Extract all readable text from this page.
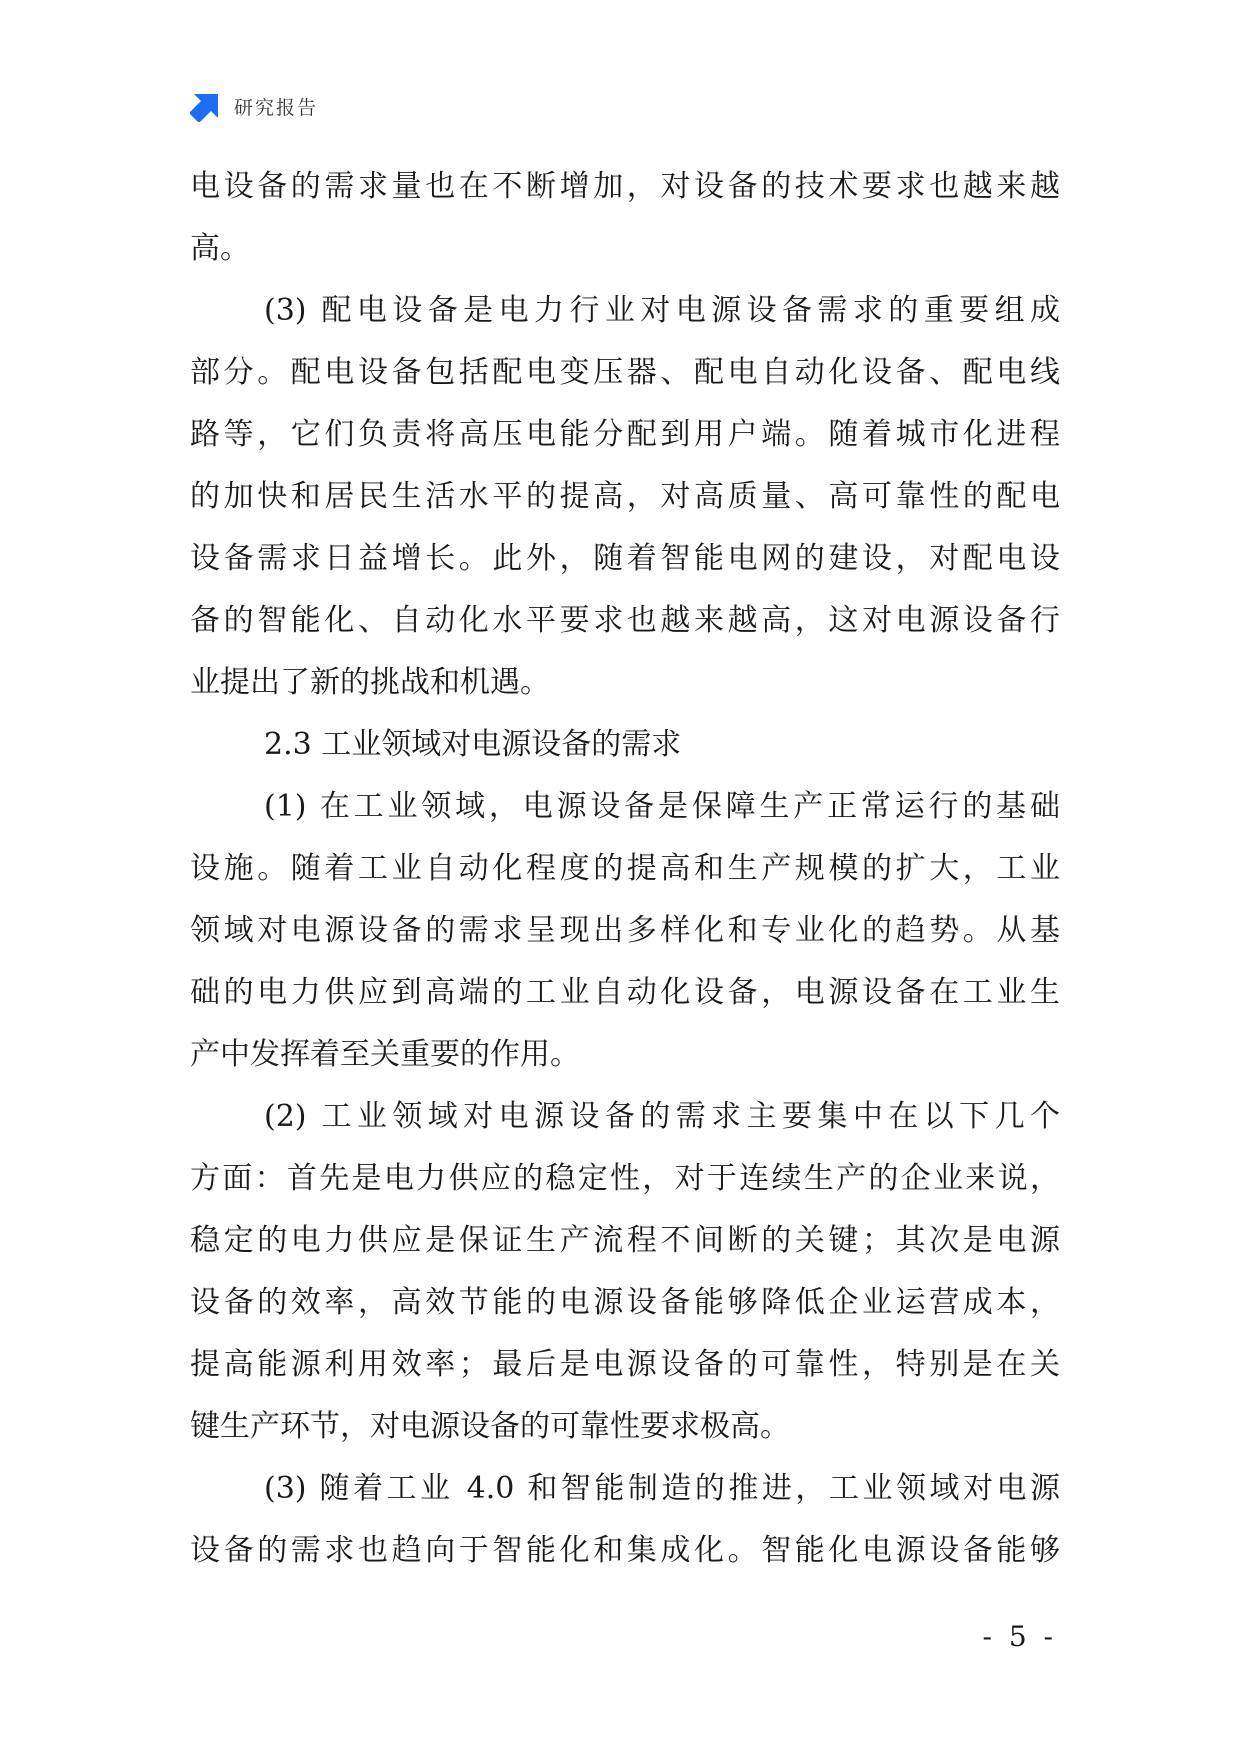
研究报告
电设备的需求量也在不断增加，对设备的技术要求也越来越
高。
(3) 配电设备是电力行业对电源设备需求的重要组成
部分。配电设备包括配电变压器、配电自动化设备、配电线
路等，它们负责将高压电能分配到用户端。随着城市化进程
的加快和居民生活水平的提高，对高质量、高可靠性的配电
设备需求日益增长。此外，随着智能电网的建设，对配电设
备的智能化、自动化水平要求也越来越高，这对电源设备行
业提出了新的挑战和机遇。
2.3 工业领域对电源设备的需求
(1) 在工业领域，电源设备是保障生产正常运行的基础
设施。随着工业自动化程度的提高和生产规模的扩大，工业
领域对电源设备的需求呈现出多样化和专业化的趋势。从基
础的电力供应到高端的工业自动化设备，电源设备在工业生
产中发挥着至关重要的作用。
(2) 工业领域对电源设备的需求主要集中在以下几个
方面：首先是电力供应的稳定性，对于连续生产的企业来说，
稳定的电力供应是保证生产流程不间断的关键；其次是电源
设备的效率，高效节能的电源设备能够降低企业运营成本，
提高能源利用效率；最后是电源设备的可靠性，特别是在关
键生产环节，对电源设备的可靠性要求极高。
(3) 随着工业 4.0 和智能制造的推进，工业领域对电源
设备的需求也趋向于智能化和集成化。智能化电源设备能够
- 5 -
